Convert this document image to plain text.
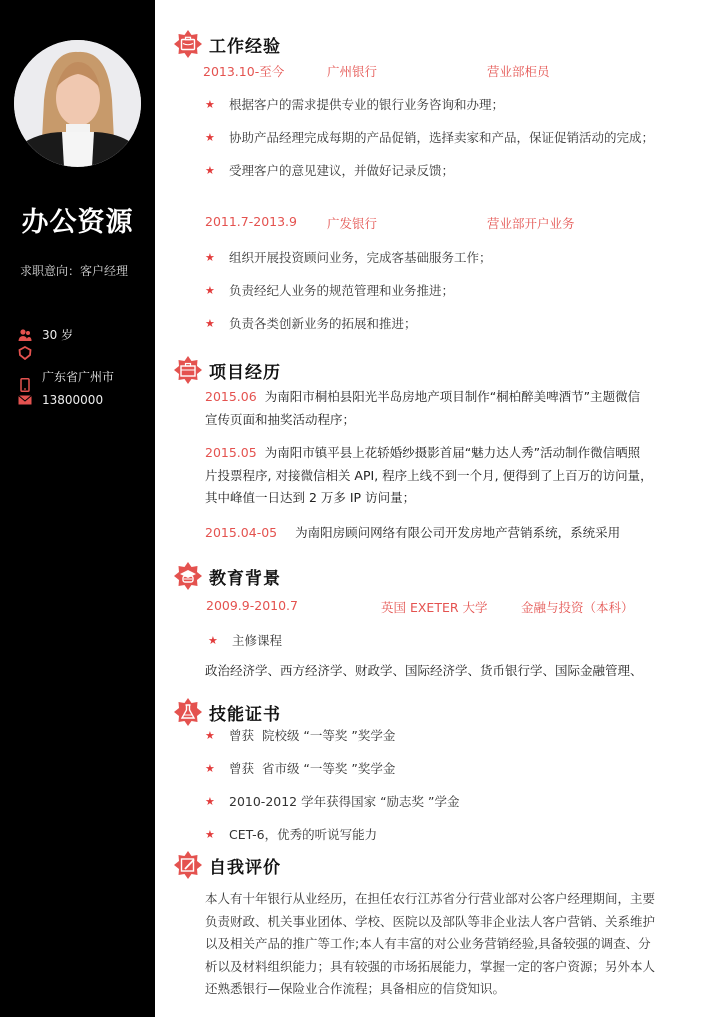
办公资源
求职意向：客户经理
30 岁
广东省广州市
13800000
工作经验
2013.10-至今	广州银行	营业部柜员
★	根据客户的需求提供专业的银行业务咨询和办理；
★	协助产品经理完成每期的产品促销，选择卖家和产品，保证促销活动的完成；
★	受理客户的意见建议，并做好记录反馈；
2011.7-2013.9 广发银行	营业部开户业务
★	组织开展投资顾问业务，完成客基础服务工作；
★	负责经纪人业务的规范管理和业务推进；
★	负责各类创新业务的拓展和推进；
项目经历
2015.06 为南阳市桐柏县阳光半岛房地产项目制作“桐柏醉美啤酒节”主题微信
宣传页面和抽奖活动程序；
2015.05 为南阳市镇平县上花轿婚纱摄影首届“魅力达人秀”活动制作微信晒照
片投票程序, 对接微信相关 API, 程序上线不到一个月, 便得到了上百万的访问量，
其中峰值一日达到 2 万多 IP 访问量；
2015.04-05 为南阳房顾问网络有限公司开发房地产营销系统，系统采用
教育背景
2009.9-2010.7	英国 EXETER 大学	金融与投资（本科）
★	主修课程
政治经济学、西方经济学、财政学、国际经济学、货币银行学、国际金融管理、
技能证书
★	曾获  院校级 “一等奖 ”奖学金
★	曾获  省市级 “一等奖 ”奖学金
★	2010-2012 学年获得国家 “励志奖 ”学金
★	CET-6，优秀的听说写能力
自我评价
本人有十年银行从业经历，在担任农行江苏省分行营业部对公客户经理期间，主要
负责财政、机关事业团体、学校、医院以及部队等非企业法人客户营销、关系维护
以及相关产品的推广等工作;本人有丰富的对公业务营销经验,具备较强的调查、分
析以及材料组织能力；具有较强的市场拓展能力，掌握一定的客户资源；另外本人
还熟悉银行—保险业合作流程；具备相应的信贷知识。
